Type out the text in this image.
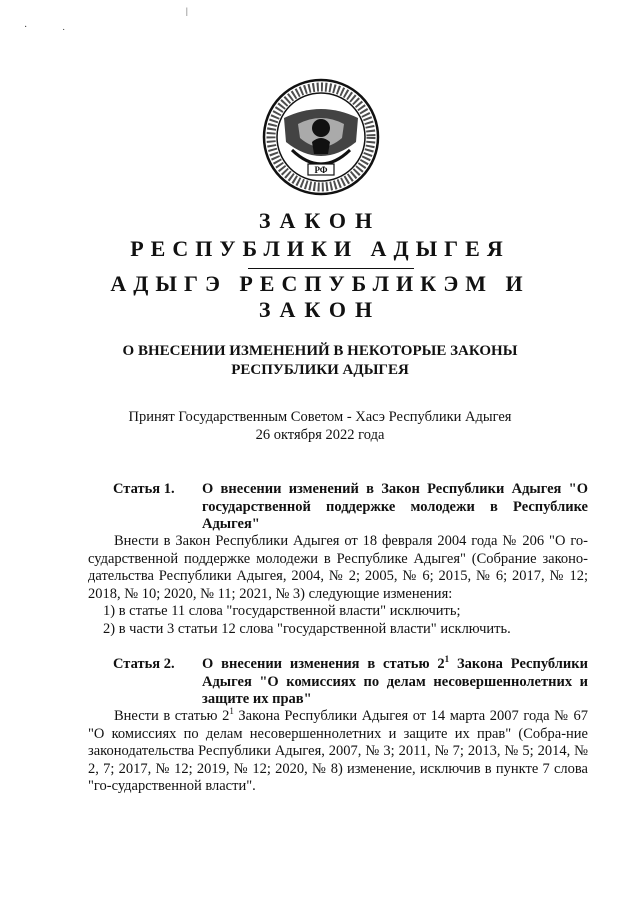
·
˙
|
РФ
ЗАКОН
РЕСПУБЛИКИ АДЫГЕЯ
АДЫГЭ РЕСПУБЛИКЭМ И
ЗАКОН
О ВНЕСЕНИИ ИЗМЕНЕНИЙ В НЕКОТОРЫЕ ЗАКОНЫ
РЕСПУБЛИКИ АДЫГЕЯ
Принят Государственным Советом - Хасэ Республики Адыгея
26 октября 2022 года
Статья 1. О внесении изменений в Закон Республики Адыгея "О государственной поддержке молодежи в Республике Адыгея"
Внести в Закон Республики Адыгея от 18 февраля 2004 года № 206 "О го-сударственной поддержке молодежи в Республике Адыгея" (Собрание законо-дательства Республики Адыгея, 2004, № 2; 2005, № 6; 2015, № 6; 2017, № 12; 2018, № 10; 2020, № 11; 2021, № 3) следующие изменения:
1) в статье 11 слова "государственной власти" исключить;
2) в части 3 статьи 12 слова "государственной власти" исключить.
Статья 2. О внесении изменения в статью $2^1$ Закона Республики Адыгея "О комиссиях по делам несовершеннолетних и защите их прав"
Внести в статью $2^1$ Закона Республики Адыгея от 14 марта 2007 года № 67 "О комиссиях по делам несовершеннолетних и защите их прав" (Собра-ние законодательства Республики Адыгея, 2007, № 3; 2011, № 7; 2013, № 5; 2014, № 2, 7; 2017, № 12; 2019, № 12; 2020, № 8) изменение, исключив в пункте 7 слова "го-сударственной власти".
